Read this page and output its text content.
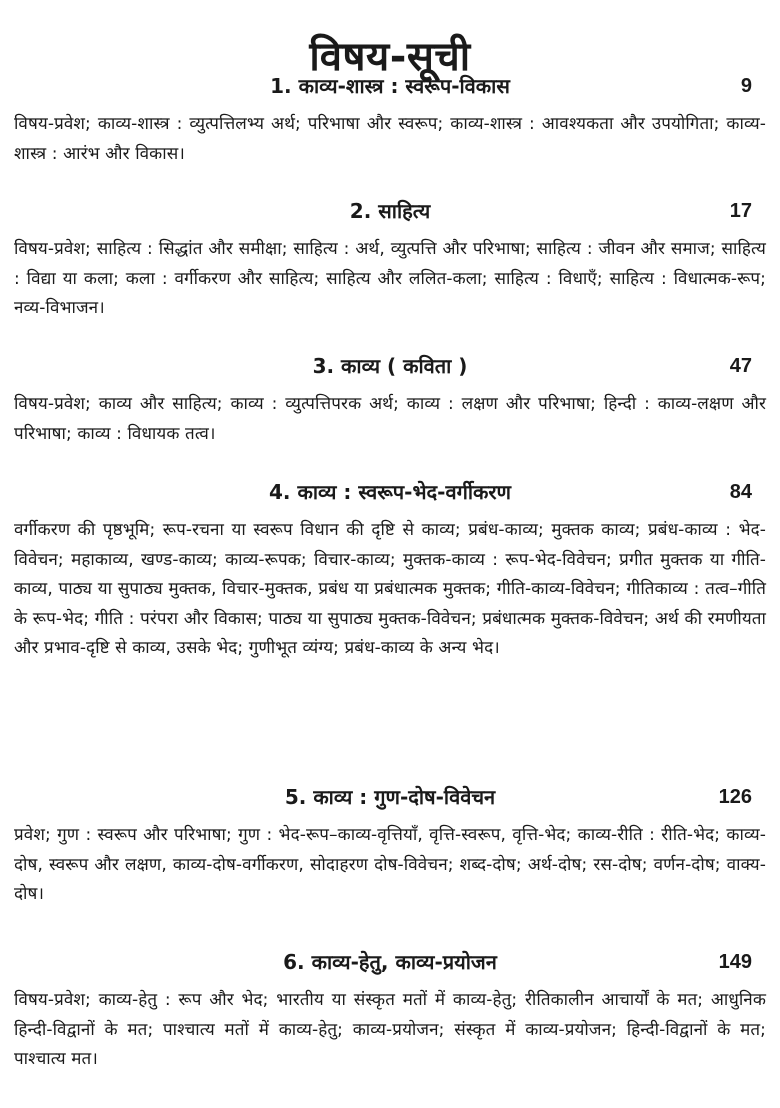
विषय-सूची
1. काव्य-शास्त्र : स्वरूप-विकास	9

विषय-प्रवेश; काव्य-शास्त्र : व्युत्पत्तिलभ्य अर्थ; परिभाषा और स्वरूप; काव्य-शास्त्र : आवश्यकता और उपयोगिता; काव्य-शास्त्र : आरंभ और विकास।

2. साहित्य	17

विषय-प्रवेश; साहित्य : सिद्धांत और समीक्षा; साहित्य : अर्थ, व्युत्पत्ति और परिभाषा; साहित्य : जीवन और समाज; साहित्य : विद्या या कला; कला : वर्गीकरण और साहित्य; साहित्य और ललित-कला; साहित्य : विधाएँ; साहित्य : विधात्मक-रूप; नव्य-विभाजन।

3. काव्य ( कविता )	47

विषय-प्रवेश; काव्य और साहित्य; काव्य : व्युत्पत्तिपरक अर्थ; काव्य : लक्षण और परिभाषा; हिन्दी : काव्य-लक्षण और परिभाषा; काव्य : विधायक तत्व।

4. काव्य : स्वरूप-भेद-वर्गीकरण	84

वर्गीकरण की पृष्ठभूमि; रूप-रचना या स्वरूप विधान की दृष्टि से काव्य; प्रबंध-काव्य; मुक्तक काव्य; प्रबंध-काव्य : भेद-विवेचन; महाकाव्य, खण्ड-काव्य; काव्य-रूपक; विचार-काव्य; मुक्तक-काव्य : रूप-भेद-विवेचन; प्रगीत मुक्तक या गीति-काव्य, पाठ्य या सुपाठ्य मुक्तक, विचार-मुक्तक, प्रबंध या प्रबंधात्मक मुक्तक; गीति-काव्य-विवेचन; गीतिकाव्य : तत्व–गीति के रूप-भेद; गीति : परंपरा और विकास; पाठ्य या सुपाठ्य मुक्तक-विवेचन; प्रबंधात्मक मुक्तक-विवेचन; अर्थ की रमणीयता और प्रभाव-दृष्टि से काव्य, उसके भेद; गुणीभूत व्यंग्य; प्रबंध-काव्य के अन्य भेद।

5. काव्य : गुण-दोष-विवेचन	126

प्रवेश; गुण : स्वरूप और परिभाषा; गुण : भेद-रूप–काव्य-वृत्तियाँ, वृत्ति-स्वरूप, वृत्ति-भेद; काव्य-रीति : रीति-भेद; काव्य-दोष, स्वरूप और लक्षण, काव्य-दोष-वर्गीकरण, सोदाहरण दोष-विवेचन; शब्द-दोष; अर्थ-दोष; रस-दोष; वर्णन-दोष; वाक्य-दोष।

6. काव्य-हेतु, काव्य-प्रयोजन	149

विषय-प्रवेश; काव्य-हेतु : रूप और भेद; भारतीय या संस्कृत मतों में काव्य-हेतु; रीतिकालीन आचार्यों के मत; आधुनिक हिन्दी-विद्वानों के मत; पाश्चात्य मतों में काव्य-हेतु; काव्य-प्रयोजन; संस्कृत में काव्य-प्रयोजन; हिन्दी-विद्वानों के मत; पाश्चात्य मत।
